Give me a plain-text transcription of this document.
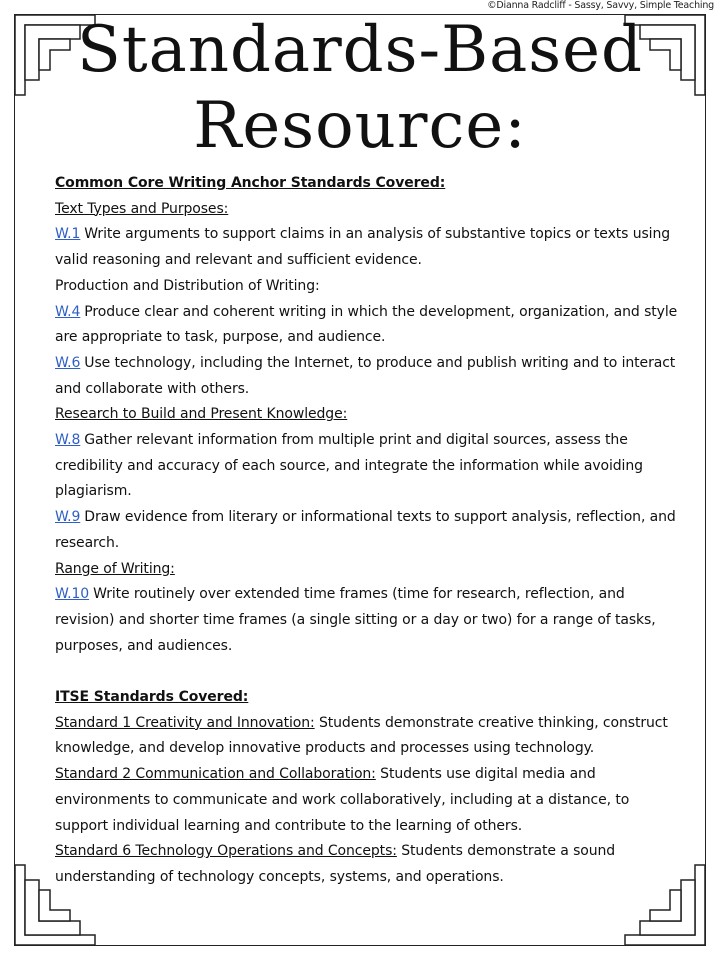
©Dianna Radcliff - Sassy, Savvy, Simple Teaching
Standards-Based
Resource:

Common Core Writing Anchor Standards Covered:

Text Types and Purposes:

W.1 Write arguments to support claims in an analysis of substantive topics or texts using valid reasoning and relevant and sufficient evidence.

Production and Distribution of Writing:

W.4 Produce clear and coherent writing in which the development, organization, and style are appropriate to task, purpose, and audience.

W.6 Use technology, including the Internet, to produce and publish writing and to interact and collaborate with others.

Research to Build and Present Knowledge:

W.8 Gather relevant information from multiple print and digital sources, assess the credibility and accuracy of each source, and integrate the information while avoiding plagiarism.

W.9 Draw evidence from literary or informational texts to support analysis, reflection, and research.

Range of Writing:

W.10 Write routinely over extended time frames (time for research, reflection, and revision) and shorter time frames (a single sitting or a day or two) for a range of tasks, purposes, and audiences.

ITSE Standards Covered:

Standard 1 Creativity and Innovation: Students demonstrate creative thinking, construct knowledge, and develop innovative products and processes using technology.

Standard 2 Communication and Collaboration: Students use digital media and environments to communicate and work collaboratively, including at a distance, to support individual learning and contribute to the learning of others.

Standard 6 Technology Operations and Concepts: Students demonstrate a sound understanding of technology concepts, systems, and operations.
